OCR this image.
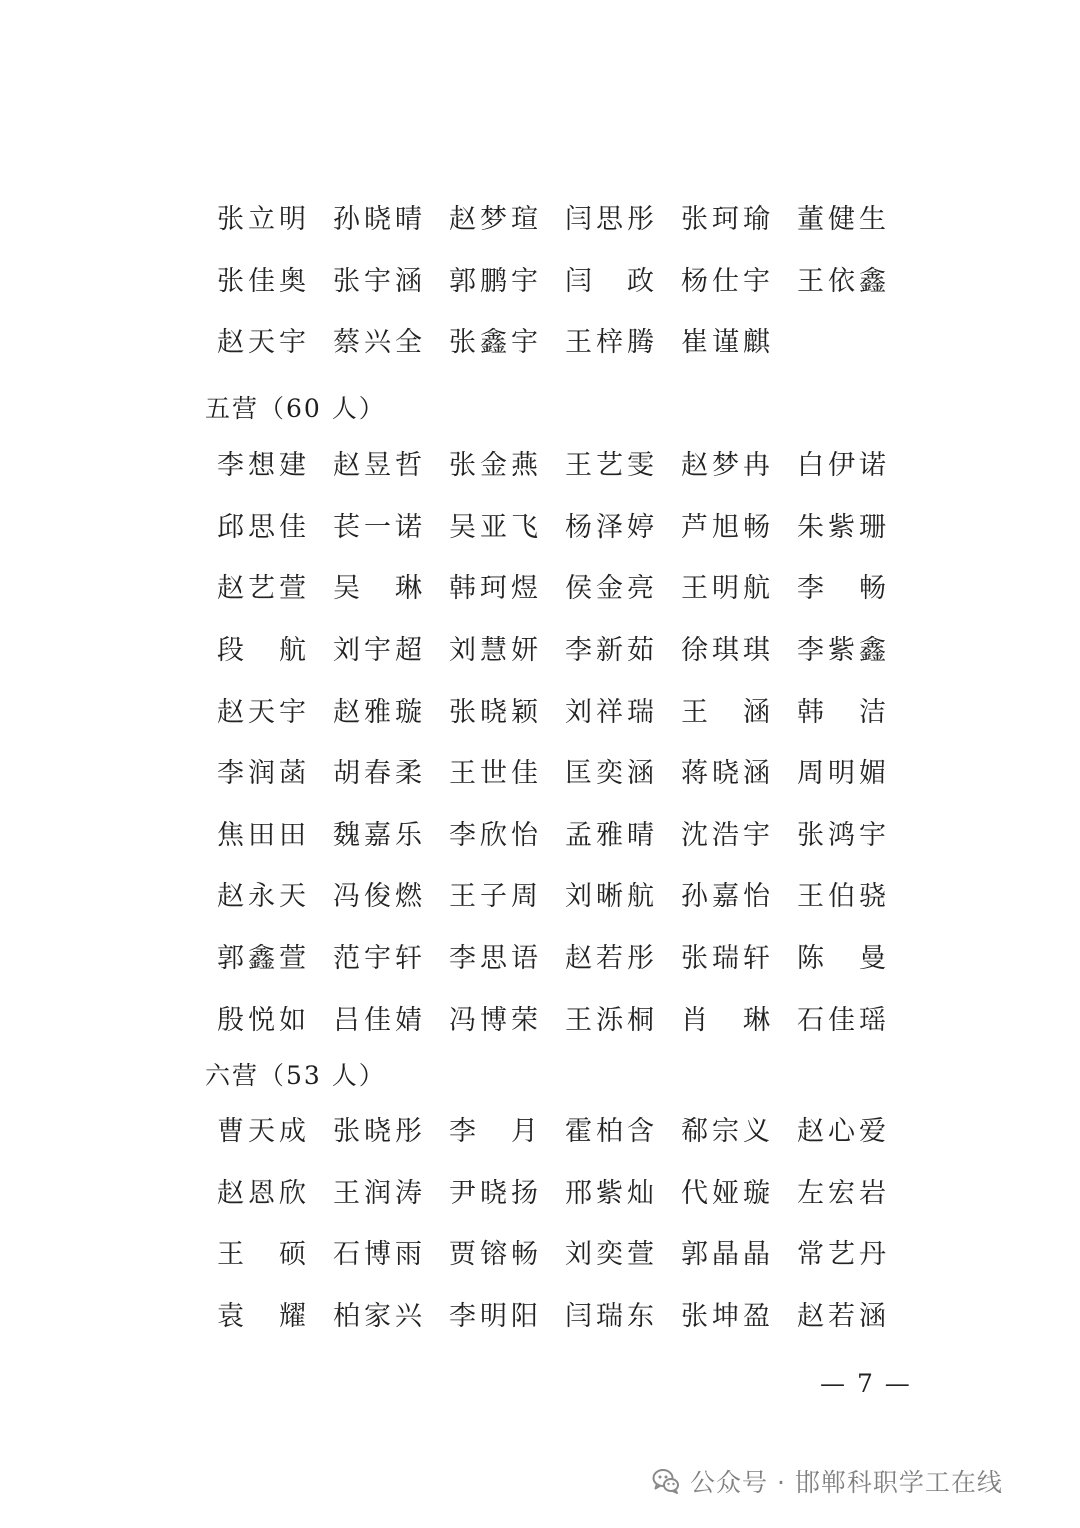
张立明 孙晓晴 赵梦瑄 闫思彤 张珂瑜 董健生
张佳奥 张宇涵 郭鹏宇 闫　政 杨仕宇 王依鑫
赵天宇 蔡兴全 张鑫宇 王梓腾 崔谨麒
五营（60 人）
李想建 赵昱哲 张金燕 王艺雯 赵梦冉 白伊诺
邱思佳 苌一诺 吴亚飞 杨泽婷 芦旭畅 朱紫珊
赵艺萱 吴　琳 韩珂煜 侯金亮 王明航 李　畅
段　航 刘宇超 刘慧妍 李新茹 徐琪琪 李紫鑫
赵天宇 赵雅璇 张晓颖 刘祥瑞 王　涵 韩　洁
李润菡 胡春柔 王世佳 匡奕涵 蒋晓涵 周明媚
焦田田 魏嘉乐 李欣怡 孟雅晴 沈浩宇 张鸿宇
赵永天 冯俊燃 王子周 刘晰航 孙嘉怡 王伯骁
郭鑫萱 范宇轩 李思语 赵若彤 张瑞轩 陈　曼
殷悦如 吕佳婧 冯博荣 王泺桐 肖　琳 石佳瑶
六营（53 人）
曹天成 张晓彤 李　月 霍柏含 郗宗义 赵心爱
赵恩欣 王润涛 尹晓扬 邢紫灿 代娅璇 左宏岩
王　硕 石博雨 贾镕畅 刘奕萱 郭晶晶 常艺丹
袁　耀 柏家兴 李明阳 闫瑞东 张坤盈 赵若涵
— 7 —
公众号 · 邯郸科职学工在线
